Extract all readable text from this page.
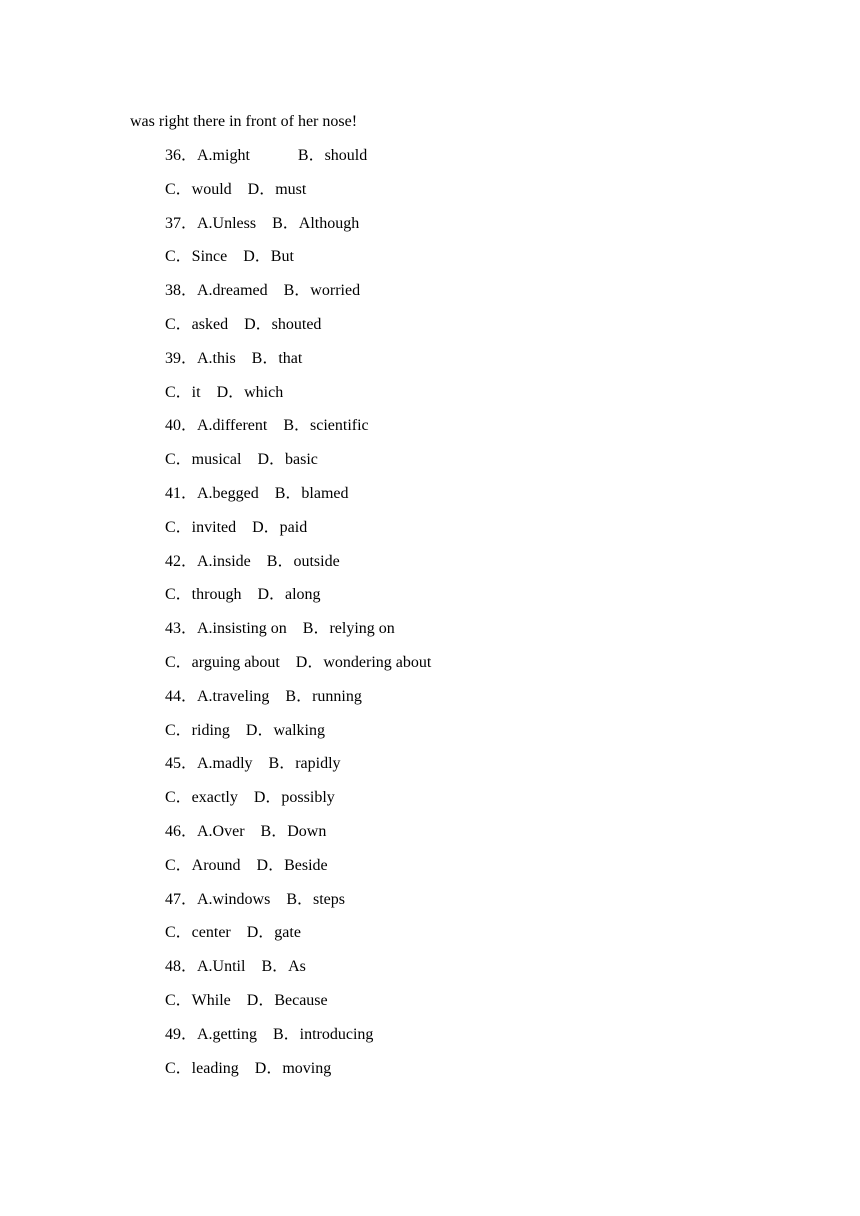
was right there in front of her nose!
36．A.might　　　B．should
C．would　D．must
37．A.Unless　B．Although
C．Since　D．But
38．A.dreamed　B．worried
C．asked　D．shouted
39．A.this　B．that
C．it　D．which
40．A.different　B．scientific
C．musical　D．basic
41．A.begged　B．blamed
C．invited　D．paid
42．A.inside　B．outside
C．through　D．along
43．A.insisting on　B．relying on
C．arguing about　D．wondering about
44．A.traveling　B．running
C．riding　D．walking
45．A.madly　B．rapidly
C．exactly　D．possibly
46．A.Over　B．Down
C．Around　D．Beside
47．A.windows　B．steps
C．center　D．gate
48．A.Until　B．As
C．While　D．Because
49．A.getting　B．introducing
C．leading　D．moving
